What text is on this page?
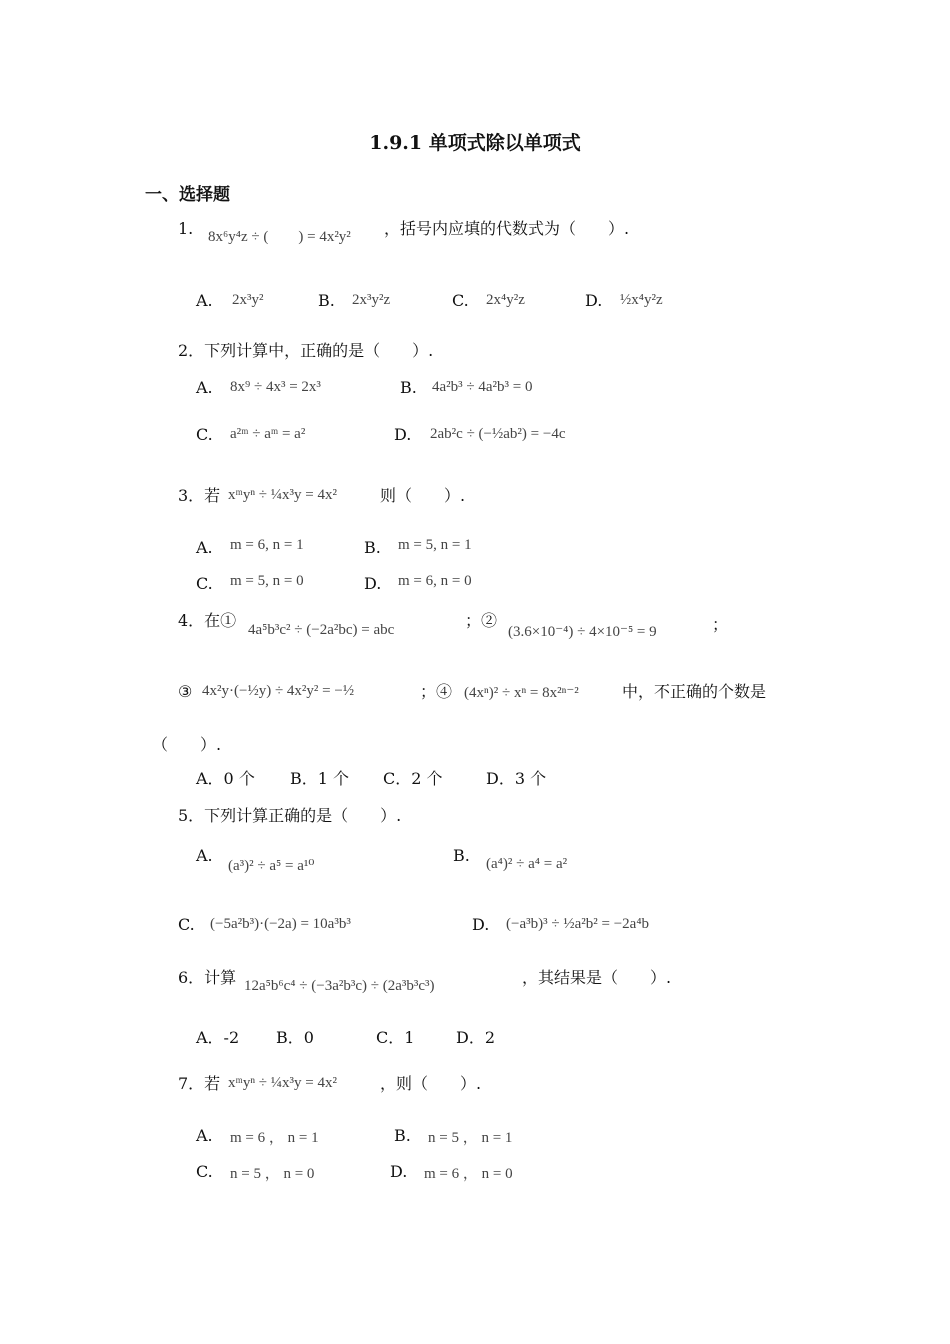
1.9.1 单项式除以单项式
一、选择题
1. 8x⁶y⁴z ÷ ( ) = 4x²y² ，括号内应填的代数式为（　　）.
A. 2x³y²	B. 2x³y²z	C. 2x⁴y²z	D. ½x⁴y²z
2．下列计算中，正确的是（　　）.
A. 8x⁹ ÷ 4x³ = 2x³	B. 4a²b³ ÷ 4a²b³ = 0
C. a²ᵐ ÷ aᵐ = a²	D. 2ab²c ÷ (−½ab²) = −4c
3．若 xᵐyⁿ ÷ ¼x³y = 4x²	则（　　）.
A. m = 6, n = 1	B. m = 5, n = 1
C. m = 5, n = 0	D. m = 6, n = 0
4．在① 4a⁵b³c² ÷ (−2a²bc) = abc	；②
(3.6×10⁻⁴) ÷ 4×10⁻⁵ = 9	；
③ 4x²y·(−½y) ÷ 4x²y² = −½	；④ (4xⁿ)² ÷ xⁿ = 8x²ⁿ⁻²	中，不正确的个数是
（　　）.
A．0 个 B．1 个 C．2 个	D．3 个
5．下列计算正确的是（　　）.
A.
(a³)² ÷ a⁵ = a¹⁰
B. (a⁴)² ÷ a⁴ = a²
C. (−5a²b³)·(−2a) = 10a³b³	D. (−a³b)³ ÷ ½a²b² = −2a⁴b
6．计算 12a⁵b⁶c⁴ ÷ (−3a²b³c) ÷ (2a³b³c³)	，其结果是（　　）.
A．-2 B．0	C．1	D．2
7．若 xᵐyⁿ ÷ ¼x³y = 4x²	，则（　　）.
A. m = 6 ， n = 1	B. n = 5 ， n = 1
C. n = 5 ， n = 0	D. m = 6 ， n = 0
